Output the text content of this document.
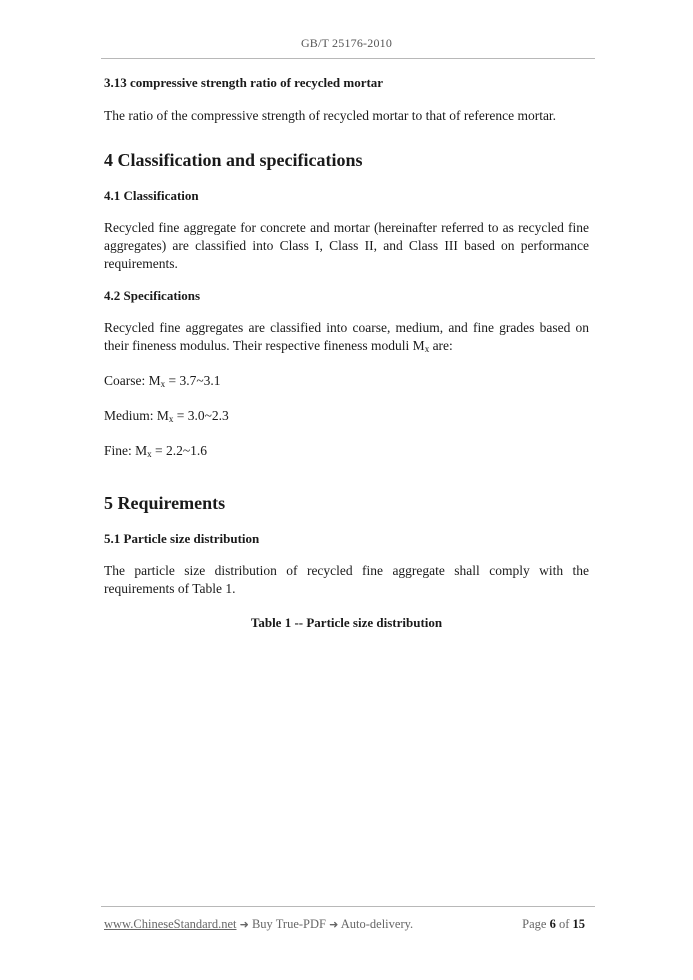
GB/T 25176-2010

3.13 compressive strength ratio of recycled mortar

The ratio of the compressive strength of recycled mortar to that of reference mortar.

4 Classification and specifications

4.1 Classification

Recycled fine aggregate for concrete and mortar (hereinafter referred to as recycled fine aggregates) are classified into Class I, Class II, and Class III based on performance requirements.

4.2 Specifications

Recycled fine aggregates are classified into coarse, medium, and fine grades based on their fineness modulus. Their respective fineness moduli $M_x$ are:

Coarse: $M_x$ = 3.7~3.1

Medium: $M_x$ = 3.0~2.3

Fine: $M_x$ = 2.2~1.6

5 Requirements

5.1 Particle size distribution

The particle size distribution of recycled fine aggregate shall comply with the requirements of Table 1.

Table 1 -- Particle size distribution

www.ChineseStandard.net ➜ Buy True-PDF ➜ Auto-delivery.	Page 6 of 15
